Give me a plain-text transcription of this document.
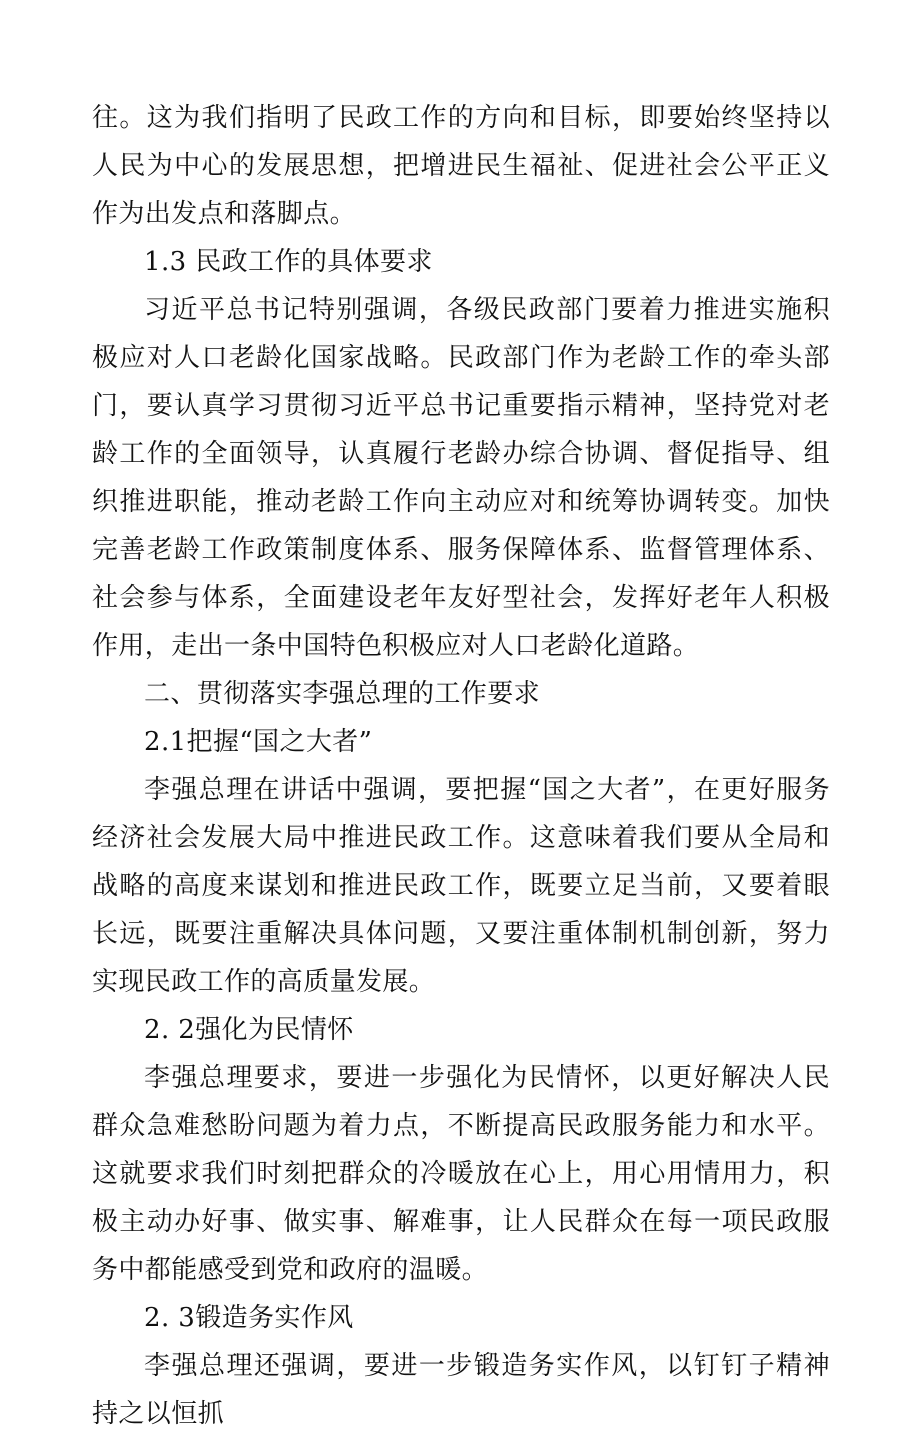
往。这为我们指明了民政工作的方向和目标，即要始终坚持以人民为中心的发展思想，把增进民生福祉、促进社会公平正义作为出发点和落脚点。

1.3 民政工作的具体要求

习近平总书记特别强调，各级民政部门要着力推进实施积极应对人口老龄化国家战略。民政部门作为老龄工作的牵头部门，要认真学习贯彻习近平总书记重要指示精神，坚持党对老龄工作的全面领导，认真履行老龄办综合协调、督促指导、组织推进职能，推动老龄工作向主动应对和统筹协调转变。加快完善老龄工作政策制度体系、服务保障体系、监督管理体系、社会参与体系，全面建设老年友好型社会，发挥好老年人积极作用，走出一条中国特色积极应对人口老龄化道路。

二、贯彻落实李强总理的工作要求

2.1把握“国之大者”

李强总理在讲话中强调，要把握“国之大者”，在更好服务经济社会发展大局中推进民政工作。这意味着我们要从全局和战略的高度来谋划和推进民政工作，既要立足当前，又要着眼长远，既要注重解决具体问题，又要注重体制机制创新，努力实现民政工作的高质量发展。

2. 2强化为民情怀

李强总理要求，要进一步强化为民情怀，以更好解决人民群众急难愁盼问题为着力点，不断提高民政服务能力和水平。这就要求我们时刻把群众的冷暖放在心上，用心用情用力，积极主动办好事、做实事、解难事，让人民群众在每一项民政服务中都能感受到党和政府的温暖。

2. 3锻造务实作风

李强总理还强调，要进一步锻造务实作风，以钉钉子精神持之以恒抓
